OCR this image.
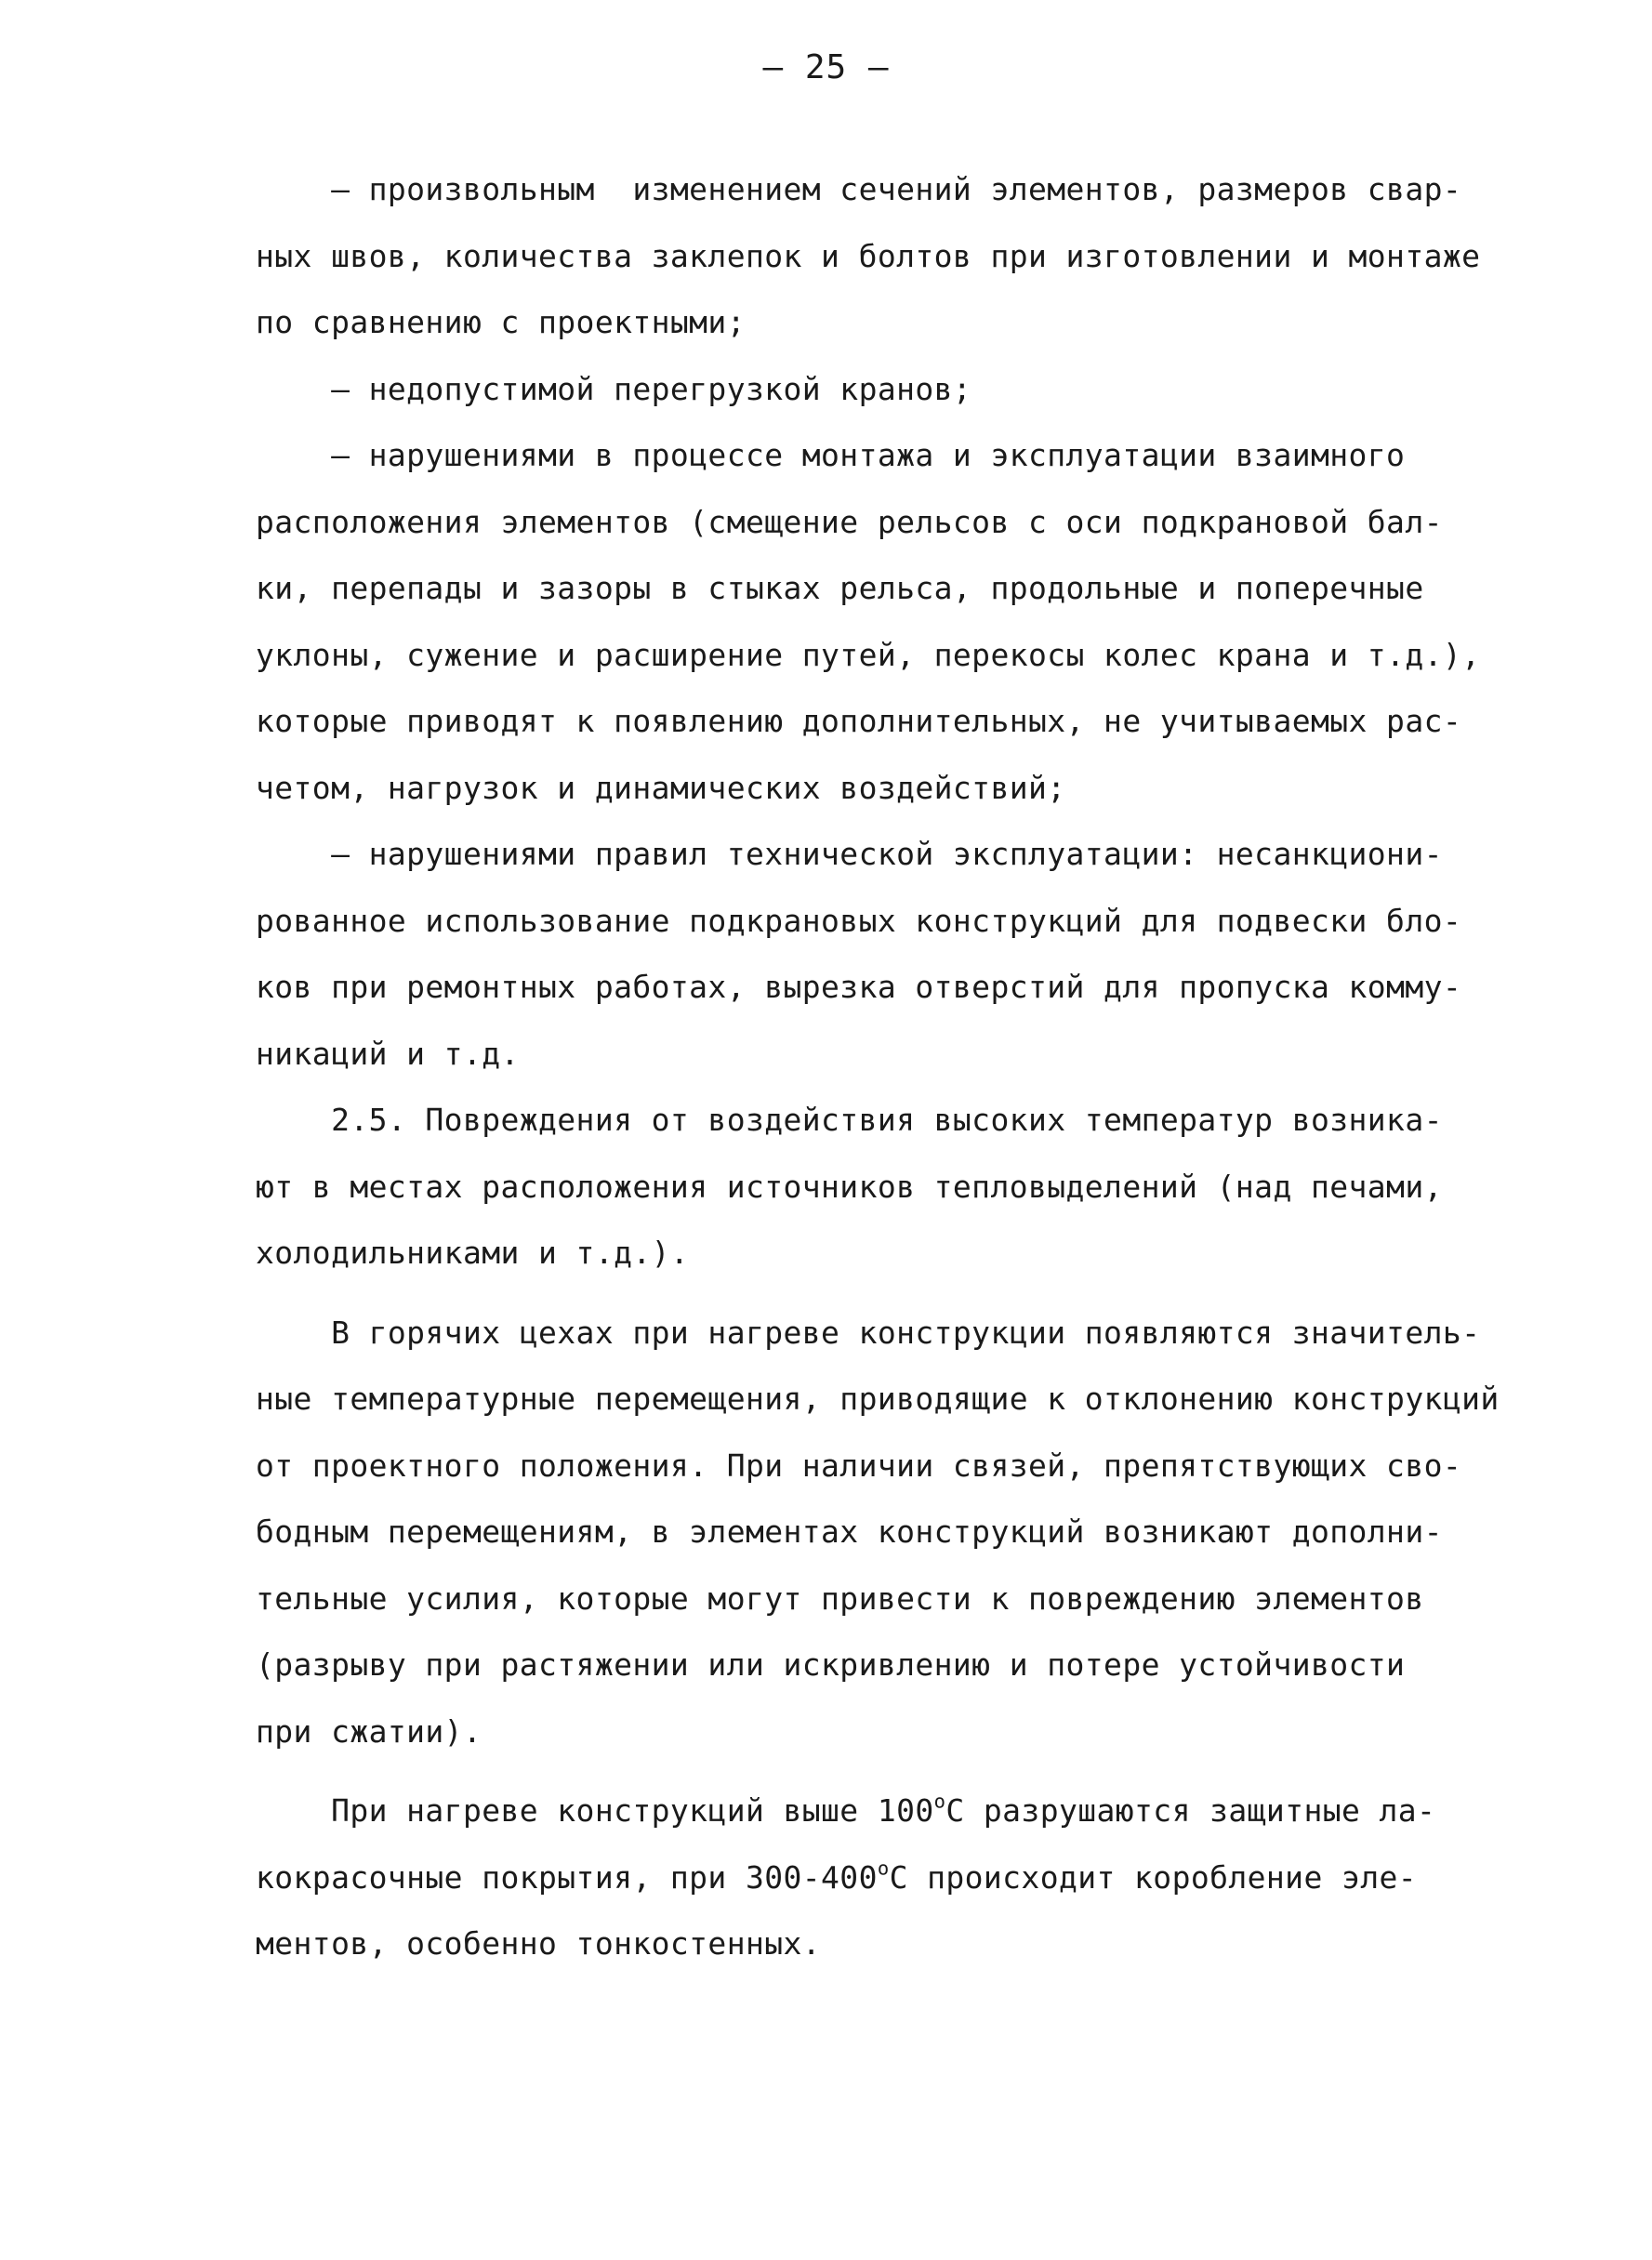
– 25 –
– произвольным  изменением сечений элементов, размеров свар-
ных швов, количества заклепок и болтов при изготовлении и монтаже
по сравнению с проектными;
– недопустимой перегрузкой кранов;
– нарушениями в процессе монтажа и эксплуатации взаимного
расположения элементов (смещение рельсов с оси подкрановой бал-
ки, перепады и зазоры в стыках рельса, продольные и поперечные
уклоны, сужение и расширение путей, перекосы колес крана и т.д.),
которые приводят к появлению дополнительных, не учитываемых рас-
четом, нагрузок и динамических воздействий;
– нарушениями правил технической эксплуатации: несанкциони-
рованное использование подкрановых конструкций для подвески бло-
ков при ремонтных работах, вырезка отверстий для пропуска комму-
никаций и т.д.
2.5. Повреждения от воздействия высоких температур возника-
ют в местах расположения источников тепловыделений (над печами,
холодильниками и т.д.).
В горячих цехах при нагреве конструкции появляются значитель-
ные температурные перемещения, приводящие к отклонению конструкций
от проектного положения. При наличии связей, препятствующих сво-
бодным перемещениям, в элементах конструкций возникают дополни-
тельные усилия, которые могут привести к повреждению элементов
(разрыву при растяжении или искривлению и потере устойчивости
при сжатии).
При нагреве конструкций выше $100^оС$ разрушаются защитные ла-
кокрасочные покрытия, при $300-400^оС$ происходит коробление эле-
ментов, особенно тонкостенных.
